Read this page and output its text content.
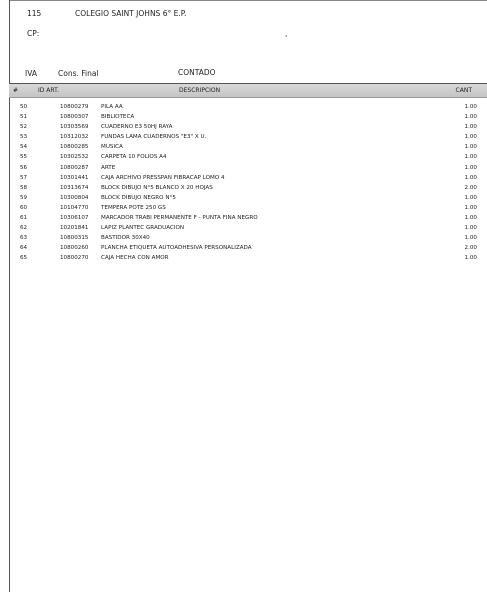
115	COLEGIO SAINT JOHNS 6° E.P.
CP:	,
IVA	Cons. Final	CONTADO
#	ID ART.	DESCRIPCION	CANT
50	10800279 PILA AA	1.00
51	10800307 BIBLIOTECA	1.00
52	10303569 CUADERNO E3 50HJ RAYA	1.00
53	10312032 FUNDAS LAMA CUADERNOS "E3" X U.	1.00
54	10800285 MUSICA	1.00
55	10302532 CARPETA 10 FOLIOS A4	1.00
56	10800287 ARTE	1.00
57	10301441 CAJA ARCHIVO PRESSPAN FIBRACAP LOMO 4	1.00
58	10313674 BLOCK DIBUJO N°5 BLANCO X 20 HOJAS	2.00
59	10300804 BLOCK DIBUJO NEGRO N°5	1.00
60	10104770 TEMPERA POTE 250 GS	1.00
61	10306107 MARCADOR TRABI PERMANENTE F - PUNTA FINA NEGRO	1.00
62	10201841 LAPIZ PLANTEC GRADUACION	1.00
63	10800315 BASTIDOR 30X40	1.00
64	10800260 PLANCHA ETIQUETA AUTOADHESIVA PERSONALIZADA	2.00
65	10800270 CAJA HECHA CON AMOR	1.00
